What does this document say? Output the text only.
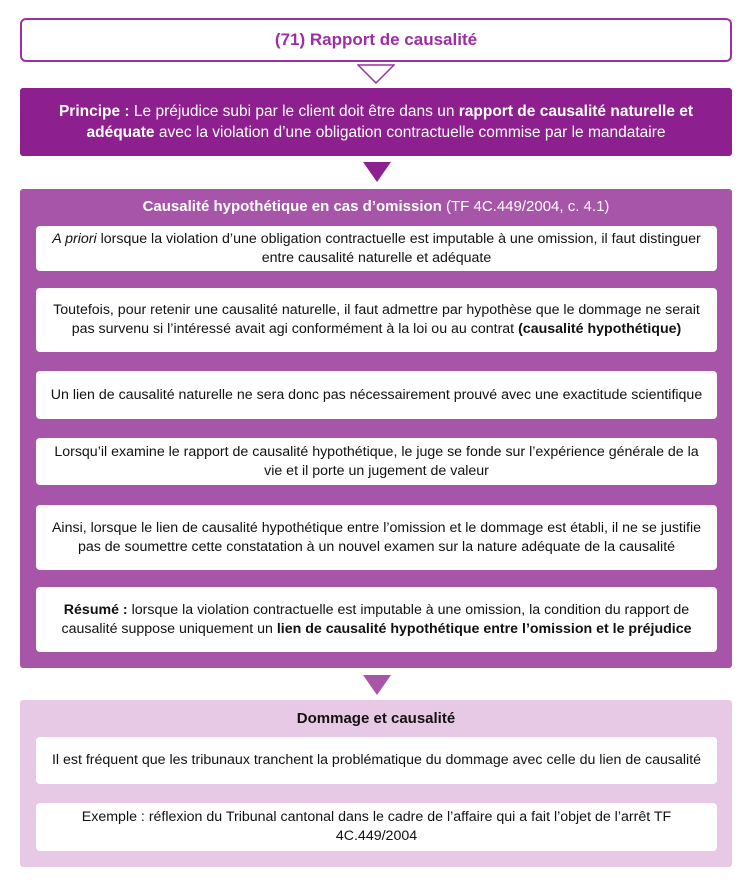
(71) Rapport de causalité
Principe : Le préjudice subi par le client doit être dans un rapport de causalité naturelle et adéquate avec la violation d’une obligation contractuelle commise par le mandataire
Causalité hypothétique en cas d’omission (TF 4C.449/2004, c. 4.1)
A priori lorsque la violation d’une obligation contractuelle est imputable à une omission, il faut distinguer entre causalité naturelle et adéquate
Toutefois, pour retenir une causalité naturelle, il faut admettre par hypothèse que le dommage ne serait pas survenu si l’intéressé avait agi conformément à la loi ou au contrat (causalité hypothétique)
Un lien de causalité naturelle ne sera donc pas nécessairement prouvé avec une exactitude scientifique
Lorsqu’il examine le rapport de causalité hypothétique, le juge se fonde sur l’expérience générale de la vie et il porte un jugement de valeur
Ainsi, lorsque le lien de causalité hypothétique entre l’omission et le dommage est établi, il ne se justifie pas de soumettre cette constatation à un nouvel examen sur la nature adéquate de la causalité
Résumé : lorsque la violation contractuelle est imputable à une omission, la condition du rapport de causalité suppose uniquement un lien de causalité hypothétique entre l’omission et le préjudice
Dommage et causalité
Il est fréquent que les tribunaux tranchent la problématique du dommage avec celle du lien de causalité
Exemple : réflexion du Tribunal cantonal dans le cadre de l’affaire qui a fait l’objet de l’arrêt TF 4C.449/2004
